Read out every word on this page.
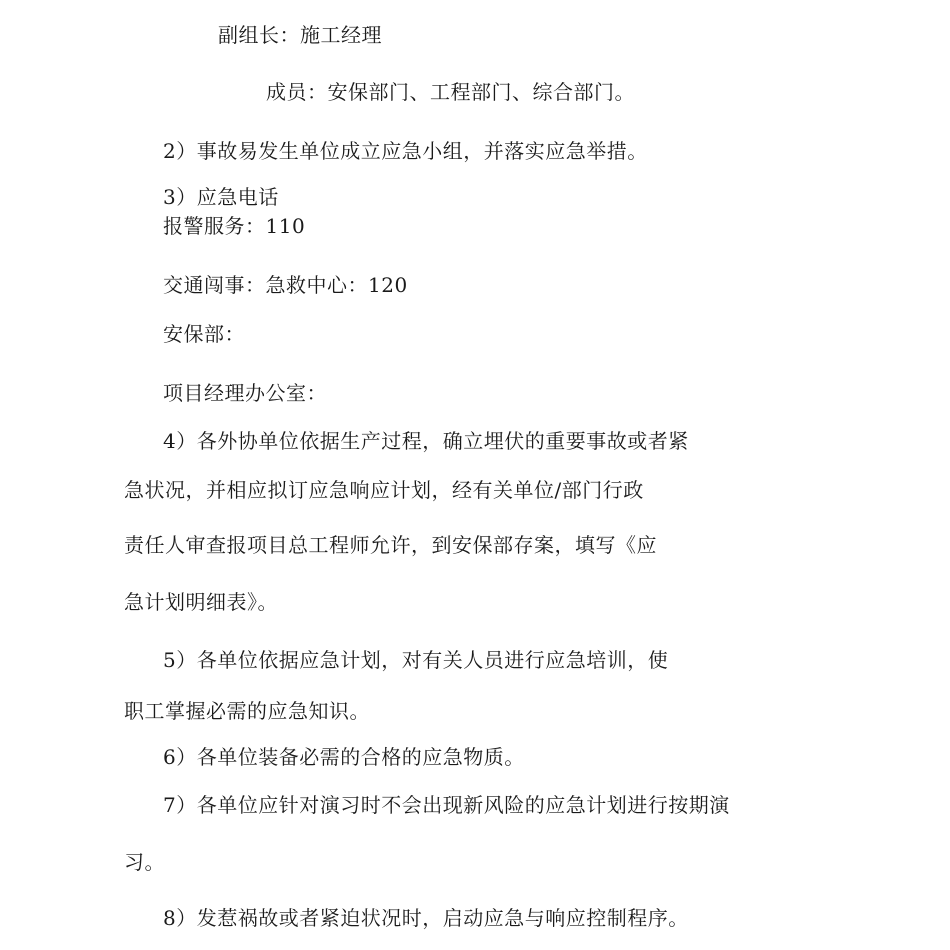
副组长：施工经理
成员：安保部门、工程部门、综合部门。
2）事故易发生单位成立应急小组，并落实应急举措。
3）应急电话
报警服务：110
交通闯事：急救中心：120
安保部：
项目经理办公室：
4）各外协单位依据生产过程，确立埋伏的重要事故或者紧
急状况，并相应拟订应急响应计划，经有关单位/部门行政
责任人审查报项目总工程师允许，到安保部存案，填写《应
急计划明细表》。
5）各单位依据应急计划，对有关人员进行应急培训，使
职工掌握必需的应急知识。
6）各单位装备必需的合格的应急物质。
7）各单位应针对演习时不会出现新风险的应急计划进行按期演
习。
8）发惹祸故或者紧迫状况时，启动应急与响应控制程序。
